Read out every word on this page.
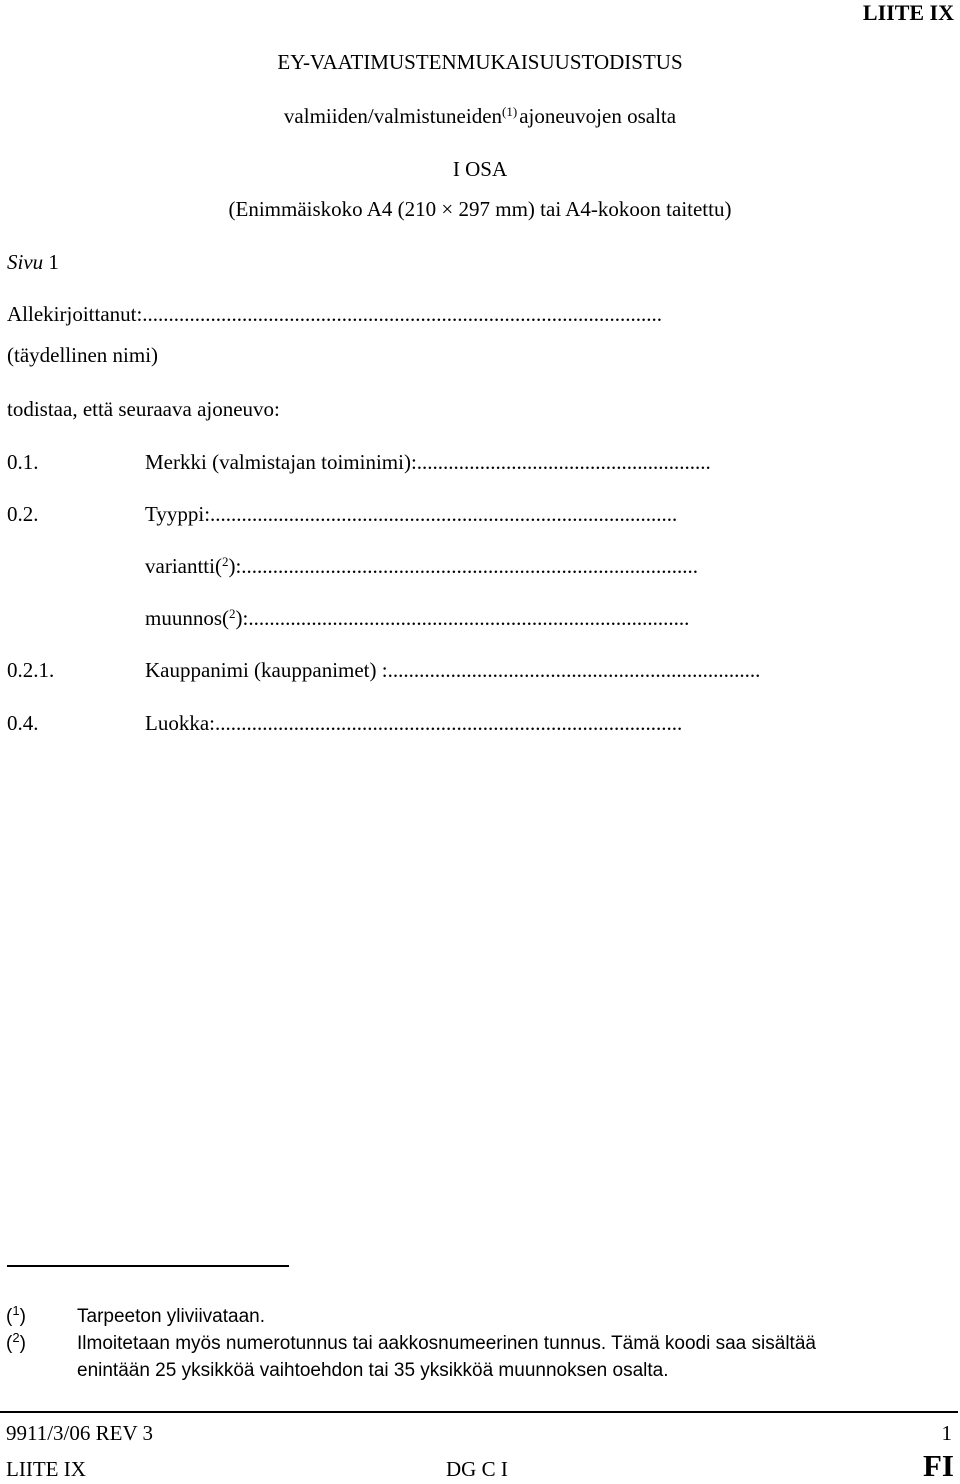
LIITE IX
EY-VAATIMUSTENMUKAISUUSTODISTUS
valmiiden/valmistuneiden$^{(1)}$ajoneuvojen osalta
I OSA
(Enimmäiskoko A4 (210 × 297 mm) tai A4-kokoon taitettu)
Sivu 1
Allekirjoittanut:...................................................................................................
(täydellinen nimi)
todistaa, että seuraava ajoneuvo:
0.1.	Merkki (valmistajan toiminimi):........................................................
0.2.	Tyyppi:.........................................................................................
variantti($^2$):.......................................................................................
muunnos($^2$):....................................................................................
0.2.1.	Kauppanimi (kauppanimet) :.......................................................................
0.4.	Luokka:.........................................................................................
($^1$)	Tarpeeton yliviivataan.
($^2$)	Ilmoitetaan myös numerotunnus tai aakkosnumeerinen tunnus. Tämä koodi saa sisältää
enintään 25 yksikköä vaihtoehdon tai 35 yksikköä muunnoksen osalta.
9911/3/06 REV 3	1
LIITE IX	DG C I	FI
